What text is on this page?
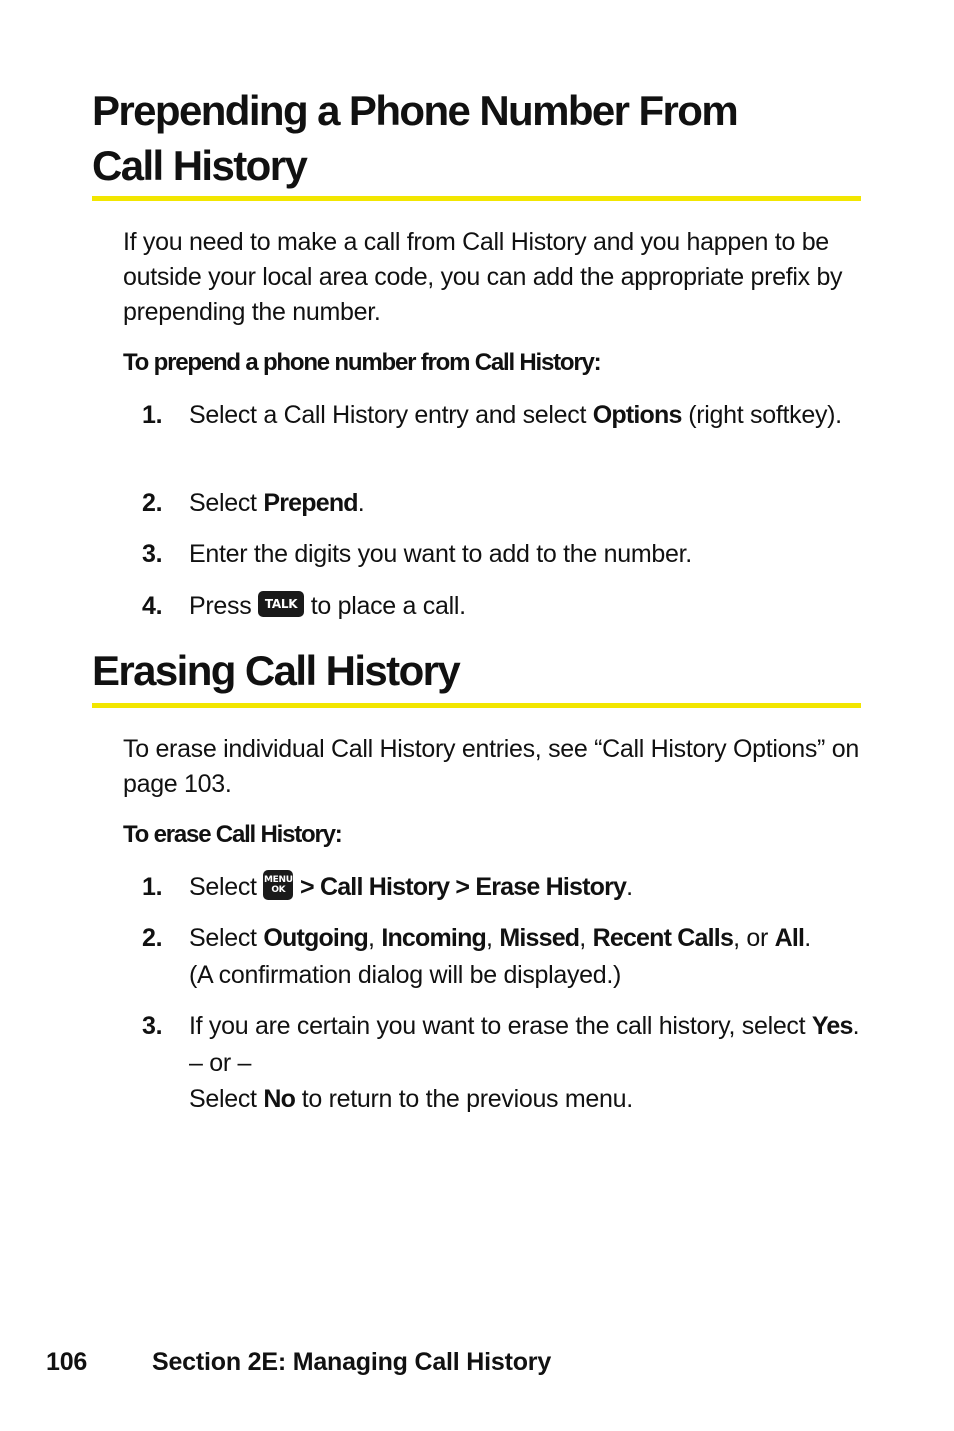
Prepending a Phone Number From
Call History

If you need to make a call from Call History and you happen to be outside your local area code, you can add the appropriate prefix by prepending the number.

To prepend a phone number from Call History:

1. Select a Call History entry and select Options (right softkey).
2. Select Prepend.
3. Enter the digits you want to add to the number.
4. Press TALK to place a call.
Erasing Call History

To erase individual Call History entries, see “Call History Options” on page 103.

To erase Call History:

1. Select MENU
OK > Call History > Erase History.
2. Select Outgoing, Incoming, Missed, Recent Calls, or All.
(A confirmation dialog will be displayed.)
3. If you are certain you want to erase the call history, select Yes.
– or –
Select No to return to the previous menu.
106	Section 2E: Managing Call History
